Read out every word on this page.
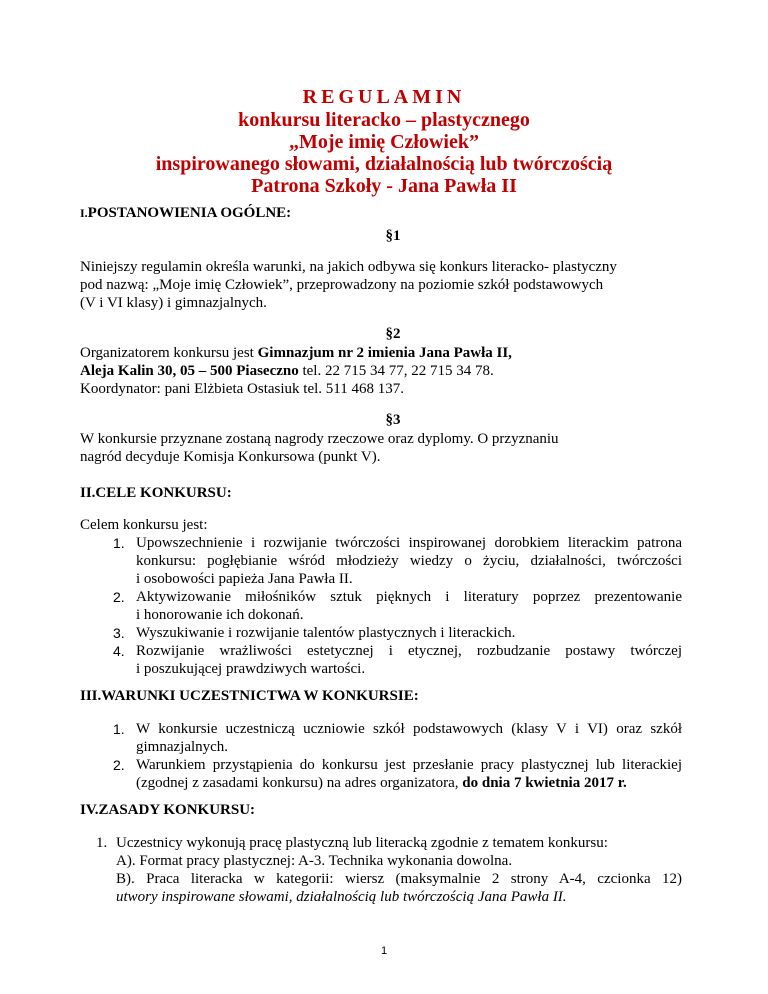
REGULAMIN
konkursu literacko – plastycznego
„Moje imię Człowiek”
inspirowanego słowami, działalnością lub twórczością
Patrona Szkoły - Jana Pawła II
I.POSTANOWIENIA OGÓLNE:
§1
Niniejszy regulamin określa warunki, na jakich odbywa się konkurs literacko- plastyczny
pod nazwą: „Moje imię Człowiek”, przeprowadzony na poziomie szkół podstawowych
(V i VI klasy) i gimnazjalnych.
§2
Organizatorem konkursu jest Gimnazjum nr 2 imienia Jana Pawła II,
Aleja Kalin 30, 05 – 500 Piaseczno tel. 22 715 34 77, 22 715 34 78.
Koordynator: pani Elżbieta Ostasiuk tel. 511 468 137.
§3
W konkursie przyznane zostaną nagrody rzeczowe oraz dyplomy. O przyznaniu
nagród decyduje Komisja Konkursowa (punkt V).
II.CELE KONKURSU:
Celem konkursu jest:
1. Upowszechnienie i rozwijanie twórczości inspirowanej dorobkiem literackim patrona
konkursu: pogłębianie wśród młodzieży wiedzy o życiu, działalności, twórczości
i osobowości papieża Jana Pawła II.
2. Aktywizowanie miłośników sztuk pięknych i literatury poprzez prezentowanie
i honorowanie ich dokonań.
3. Wyszukiwanie i rozwijanie talentów plastycznych i literackich.
4. Rozwijanie wrażliwości estetycznej i etycznej, rozbudzanie postawy twórczej
i poszukującej prawdziwych wartości.
III.WARUNKI UCZESTNICTWA W KONKURSIE:
1. W konkursie uczestniczą uczniowie szkół podstawowych (klasy V i VI) oraz szkół
gimnazjalnych.
2. Warunkiem przystąpienia do konkursu jest przesłanie pracy plastycznej lub literackiej
(zgodnej z zasadami konkursu) na adres organizatora, do dnia 7 kwietnia 2017 r.
IV.ZASADY KONKURSU:
1. Uczestnicy wykonują pracę plastyczną lub literacką zgodnie z tematem konkursu:
A). Format pracy plastycznej: A-3. Technika wykonania dowolna.
B). Praca literacka w kategorii: wiersz (maksymalnie 2 strony A-4, czcionka 12)
utwory inspirowane słowami, działalnością lub twórczością Jana Pawła II.
1
